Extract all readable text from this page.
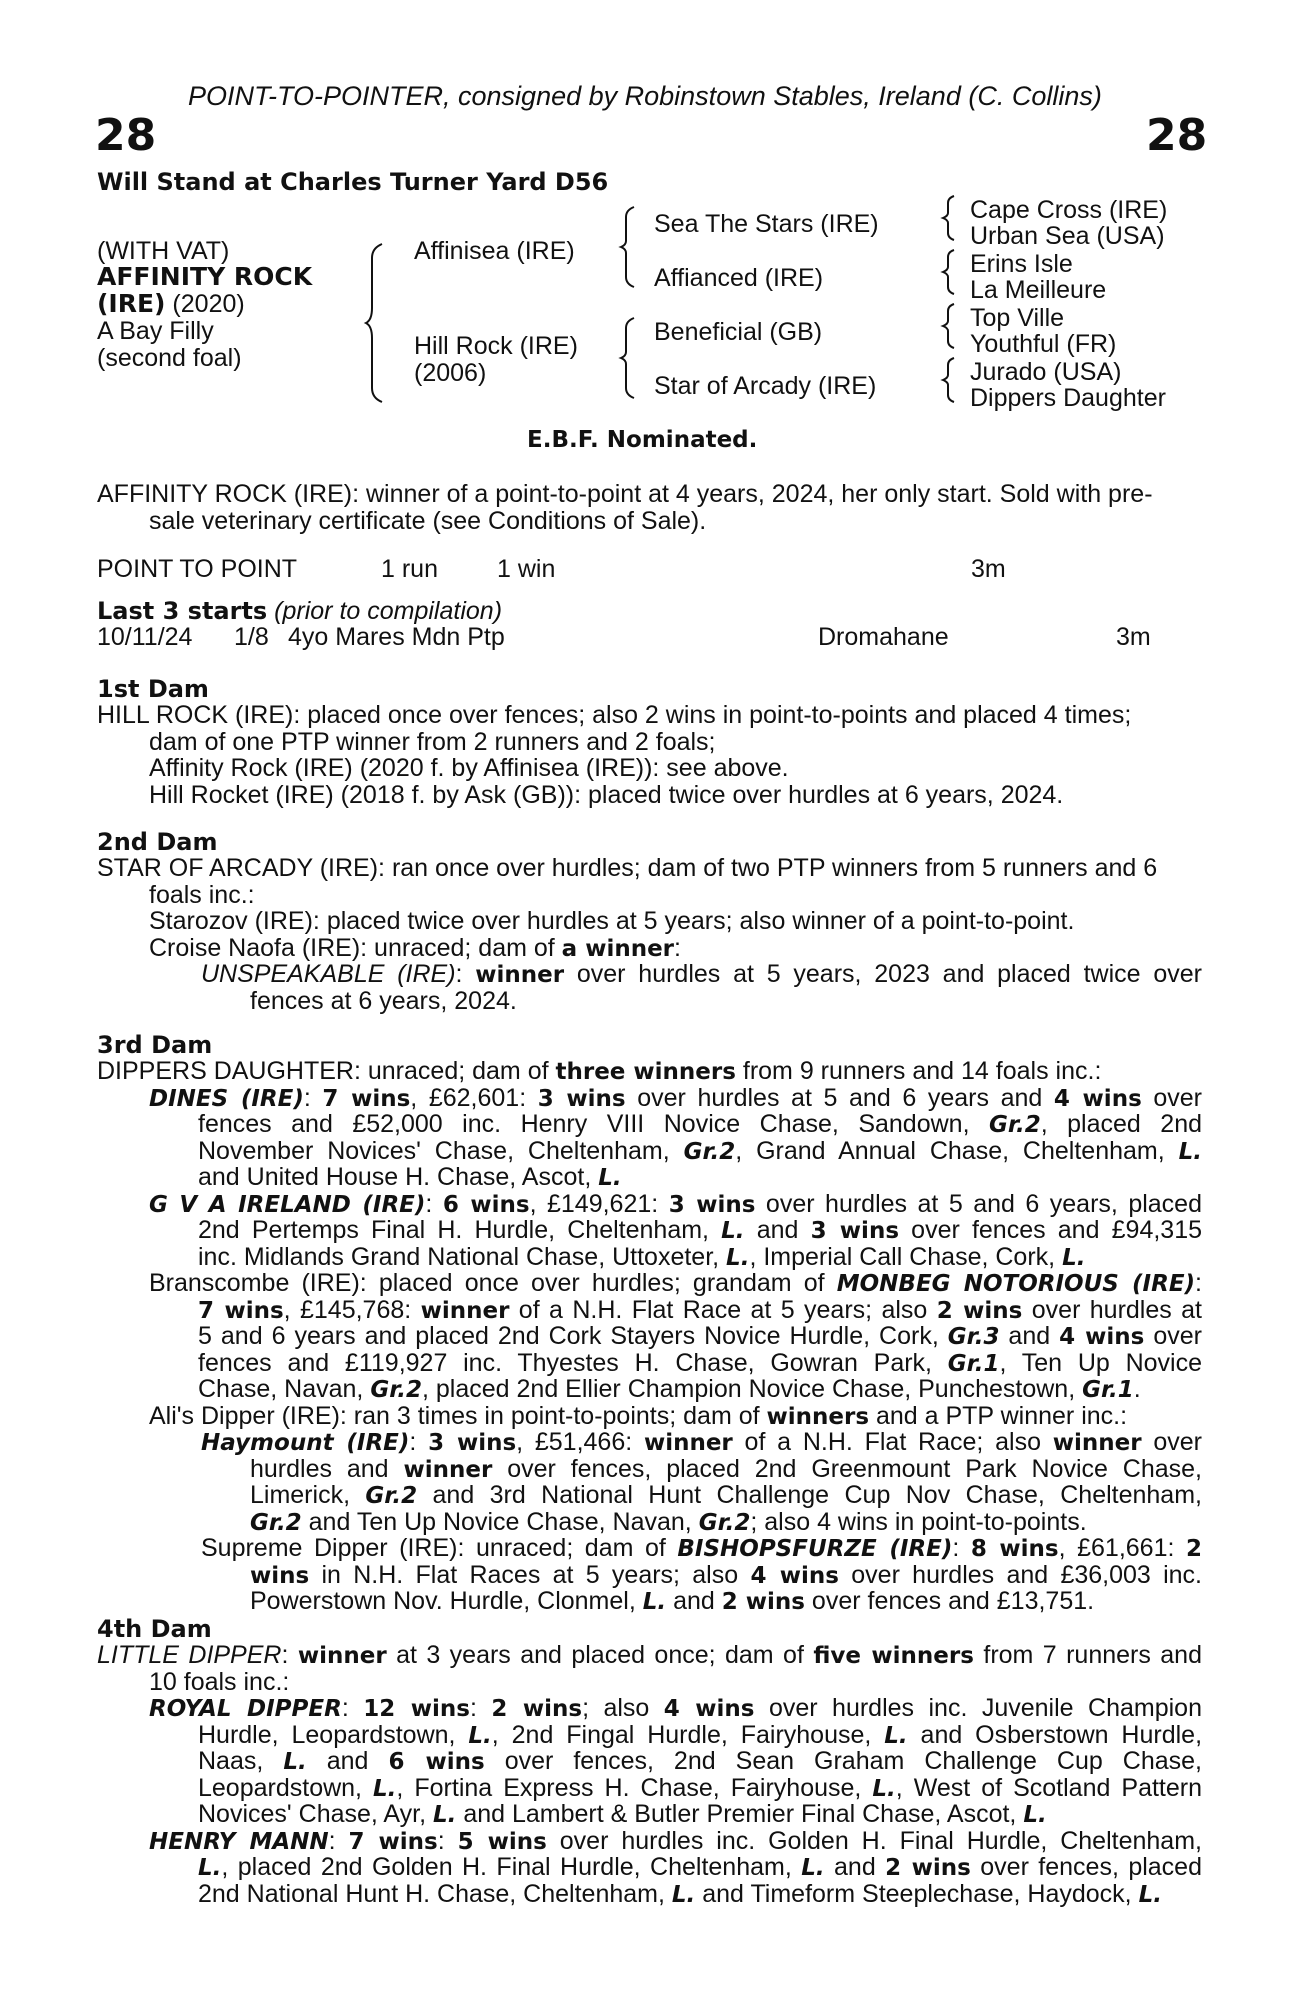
POINT-TO-POINTER, consigned by Robinstown Stables, Ireland (C. Collins)
28	28
Will Stand at Charles Turner Yard D56
(WITH VAT)
AFFINITY ROCK
(IRE) (2020)
A Bay Filly
(second foal)
Affinisea (IRE)
Hill Rock (IRE)
(2006)
Sea The Stars (IRE)
Affianced (IRE)
Beneficial (GB)
Star of Arcady (IRE)
Cape Cross (IRE)
Urban Sea (USA)
Erins Isle
La Meilleure
Top Ville
Youthful (FR)
Jurado (USA)
Dippers Daughter
E.B.F. Nominated.
AFFINITY ROCK (IRE): winner of a point-to-point at 4 years, 2024, her only start. Sold with pre-
sale veterinary certificate (see Conditions of Sale).
POINT TO POINT	1 run 1 win	3m
Last 3 starts (prior to compilation)
10/11/24 1/8 4yo Mares Mdn Ptp	Dromahane	3m
1st Dam
HILL ROCK (IRE): placed once over fences; also 2 wins in point-to-points and placed 4 times;
dam of one PTP winner from 2 runners and 2 foals;
Affinity Rock (IRE) (2020 f. by Affinisea (IRE)): see above.
Hill Rocket (IRE) (2018 f. by Ask (GB)): placed twice over hurdles at 6 years, 2024.
2nd Dam
STAR OF ARCADY (IRE): ran once over hurdles; dam of two PTP winners from 5 runners and 6
foals inc.:
Starozov (IRE): placed twice over hurdles at 5 years; also winner of a point-to-point.
Croise Naofa (IRE): unraced; dam of a winner:
UNSPEAKABLE (IRE): winner over hurdles at 5 years, 2023 and placed twice over
fences at 6 years, 2024.
3rd Dam
DIPPERS DAUGHTER: unraced; dam of three winners from 9 runners and 14 foals inc.:
DINES (IRE): 7 wins, £62,601: 3 wins over hurdles at 5 and 6 years and 4 wins over
fences and £52,000 inc. Henry VIII Novice Chase, Sandown, Gr.2, placed 2nd
November Novices' Chase, Cheltenham, Gr.2, Grand Annual Chase, Cheltenham, L.
and United House H. Chase, Ascot, L.
G V A IRELAND (IRE): 6 wins, £149,621: 3 wins over hurdles at 5 and 6 years, placed
2nd Pertemps Final H. Hurdle, Cheltenham, L. and 3 wins over fences and £94,315
inc. Midlands Grand National Chase, Uttoxeter, L., Imperial Call Chase, Cork, L.
Branscombe (IRE): placed once over hurdles; grandam of MONBEG NOTORIOUS (IRE):
7 wins, £145,768: winner of a N.H. Flat Race at 5 years; also 2 wins over hurdles at
5 and 6 years and placed 2nd Cork Stayers Novice Hurdle, Cork, Gr.3 and 4 wins over
fences and £119,927 inc. Thyestes H. Chase, Gowran Park, Gr.1, Ten Up Novice
Chase, Navan, Gr.2, placed 2nd Ellier Champion Novice Chase, Punchestown, Gr.1.
Ali's Dipper (IRE): ran 3 times in point-to-points; dam of winners and a PTP winner inc.:
Haymount (IRE): 3 wins, £51,466: winner of a N.H. Flat Race; also winner over
hurdles and winner over fences, placed 2nd Greenmount Park Novice Chase,
Limerick, Gr.2 and 3rd National Hunt Challenge Cup Nov Chase, Cheltenham,
Gr.2 and Ten Up Novice Chase, Navan, Gr.2; also 4 wins in point-to-points.
Supreme Dipper (IRE): unraced; dam of BISHOPSFURZE (IRE): 8 wins, £61,661: 2
wins in N.H. Flat Races at 5 years; also 4 wins over hurdles and £36,003 inc.
Powerstown Nov. Hurdle, Clonmel, L. and 2 wins over fences and £13,751.
4th Dam
LITTLE DIPPER: winner at 3 years and placed once; dam of five winners from 7 runners and
10 foals inc.:
ROYAL DIPPER: 12 wins: 2 wins; also 4 wins over hurdles inc. Juvenile Champion
Hurdle, Leopardstown, L., 2nd Fingal Hurdle, Fairyhouse, L. and Osberstown Hurdle,
Naas, L. and 6 wins over fences, 2nd Sean Graham Challenge Cup Chase,
Leopardstown, L., Fortina Express H. Chase, Fairyhouse, L., West of Scotland Pattern
Novices' Chase, Ayr, L. and Lambert & Butler Premier Final Chase, Ascot, L.
HENRY MANN: 7 wins: 5 wins over hurdles inc. Golden H. Final Hurdle, Cheltenham,
L., placed 2nd Golden H. Final Hurdle, Cheltenham, L. and 2 wins over fences, placed
2nd National Hunt H. Chase, Cheltenham, L. and Timeform Steeplechase, Haydock, L.
